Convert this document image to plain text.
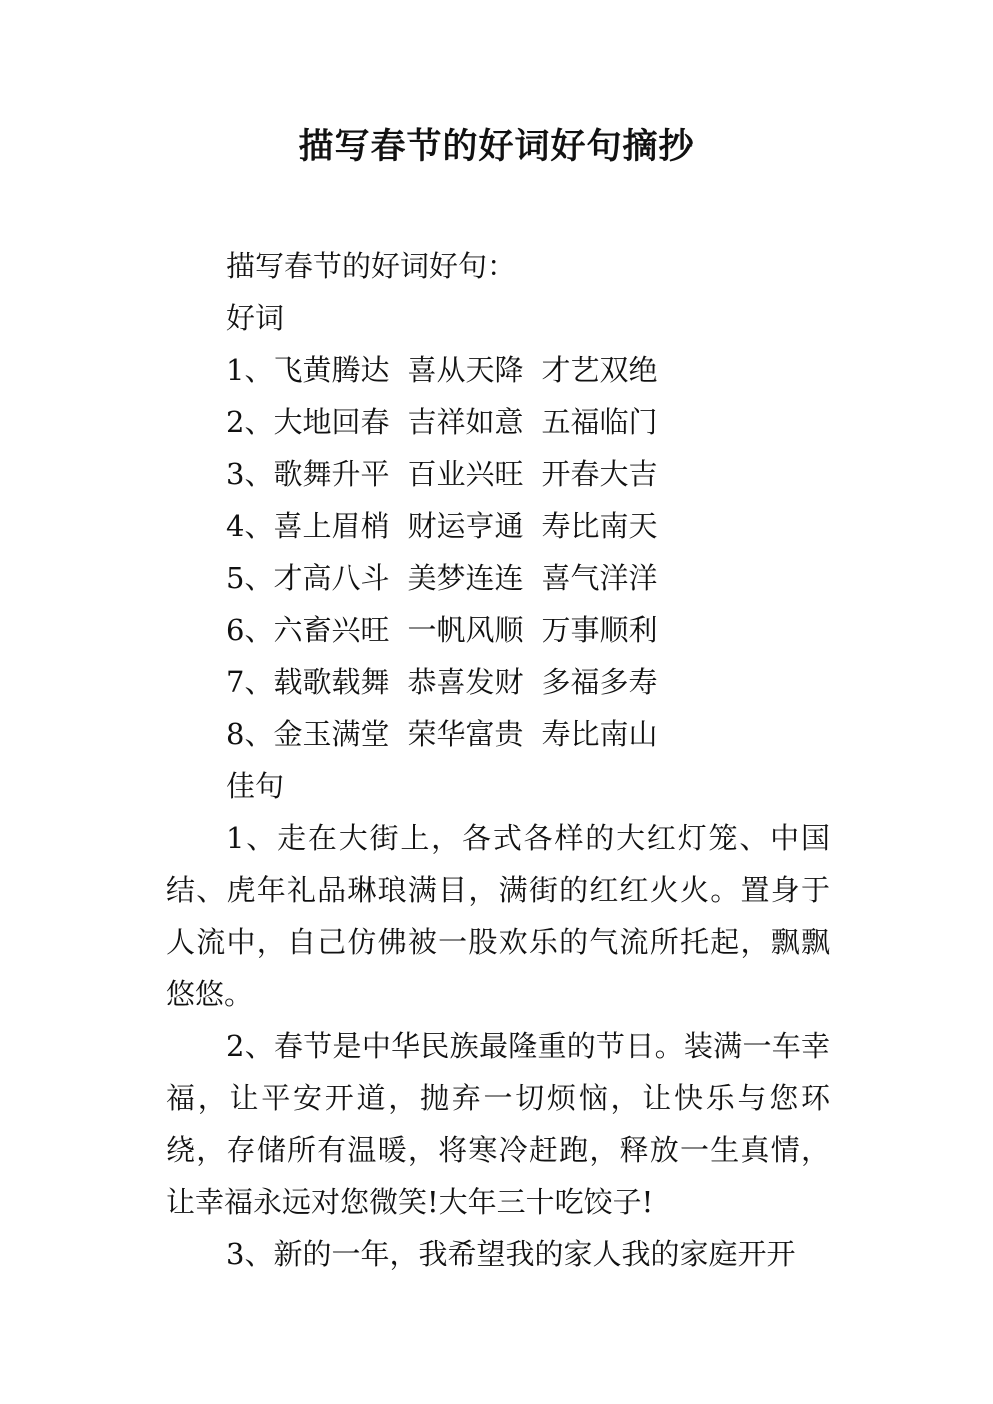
描写春节的好词好句摘抄
描写春节的好词好句：
好词
1、飞黄腾达 喜从天降 才艺双绝
2、大地回春 吉祥如意 五福临门
3、歌舞升平 百业兴旺 开春大吉
4、喜上眉梢 财运亨通 寿比南天
5、才高八斗 美梦连连 喜气洋洋
6、六畜兴旺 一帆风顺 万事顺利
7、载歌载舞 恭喜发财 多福多寿
8、金玉满堂 荣华富贵 寿比南山
佳句

1、走在大街上，各式各样的大红灯笼、中国结、虎年礼品琳琅满目，满街的红红火火。置身于人流中，自己仿佛被一股欢乐的气流所托起，飘飘悠悠。

2、春节是中华民族最隆重的节日。装满一车幸福，让平安开道，抛弃一切烦恼，让快乐与您环绕，存储所有温暖，将寒冷赶跑，释放一生真情，让幸福永远对您微笑!大年三十吃饺子!

3、新的一年，我希望我的家人我的家庭开开
